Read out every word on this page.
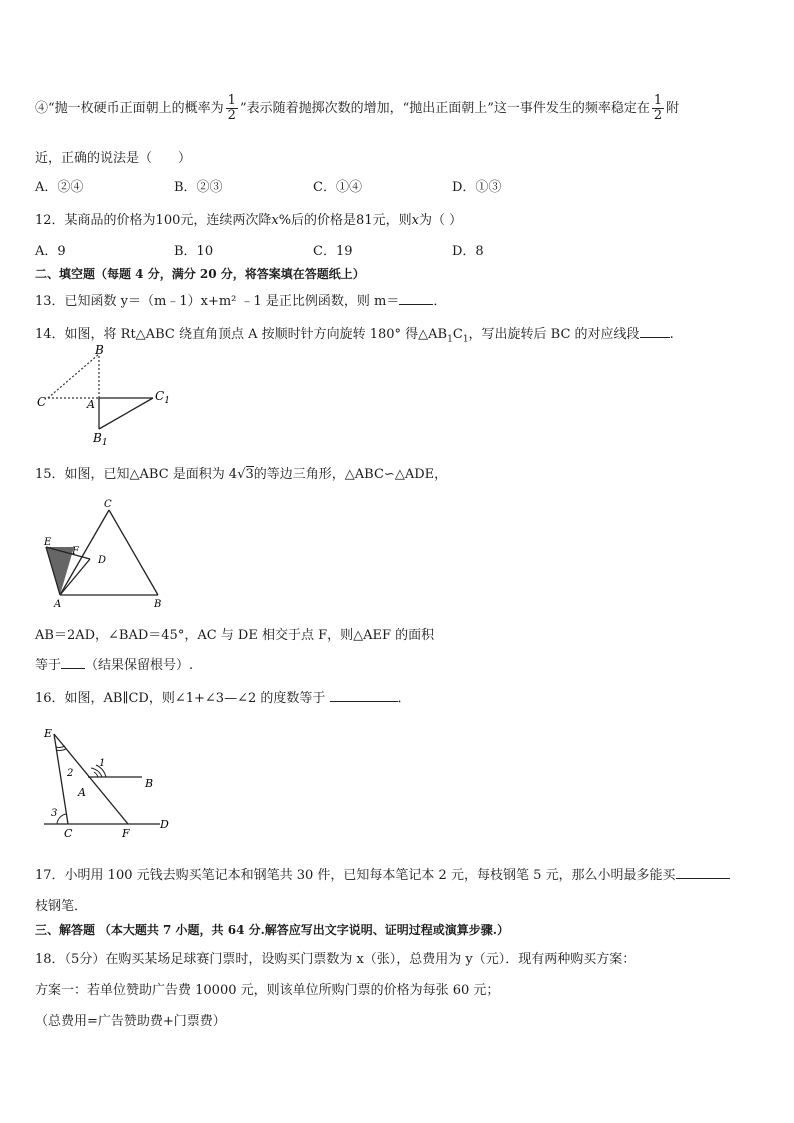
④“抛一枚硬币正面朝上的概率为 $\frac{1}{2}$ ”表示随着抛掷次数的增加，“抛出正面朝上”这一事件发生的频率稳定在 $\frac{1}{2}$ 附
近，正确的说法是（　　）
A．②④	B．②③	C．①④	D．①③
12．某商品的价格为100元，连续两次降x%后的价格是81元，则x为（ ）
A．9	B．10	C．19	D．8
二、填空题（每题 4 分，满分 20 分，将答案填在答题纸上）
13．已知函数 y＝（m﹣1）x+m² ﹣1 是正比例函数，则 m＝	．
14．如图，将 Rt△ABC 绕直角顶点 A 按顺时针方向旋转 180° 得$\triangle AB_1C_1$，写出旋转后 BC 的对应线段 .
B
C	A
$C_1$
$B_1$
15．如图，已知△ABC 是面积为 4√3的等边三角形，△ABC∽△ADE，
C
E
F
D
A	B
AB＝2AD，∠BAD＝45°，AC 与 DE 相交于点 F，则△AEF 的面积
等于 （结果保留根号）.
16．如图，AB∥CD，则∠1+∠3—∠2 的度数等于	．
E
1
2
B
A
3
C	F
D
17．小明用 100 元钱去购买笔记本和钢笔共 30 件，已知每本笔记本 2 元，每枝钢笔 5 元，那么小明最多能买
枝钢笔．
三、解答题 （本大题共 7 小题，共 64 分.解答应写出文字说明、证明过程或演算步骤.）
18．（5分）在购买某场足球赛门票时，设购买门票数为 x（张），总费用为 y（元）．现有两种购买方案：
方案一：若单位赞助广告费 10000 元，则该单位所购门票的价格为每张 60 元；
（总费用=广告赞助费+门票费）
